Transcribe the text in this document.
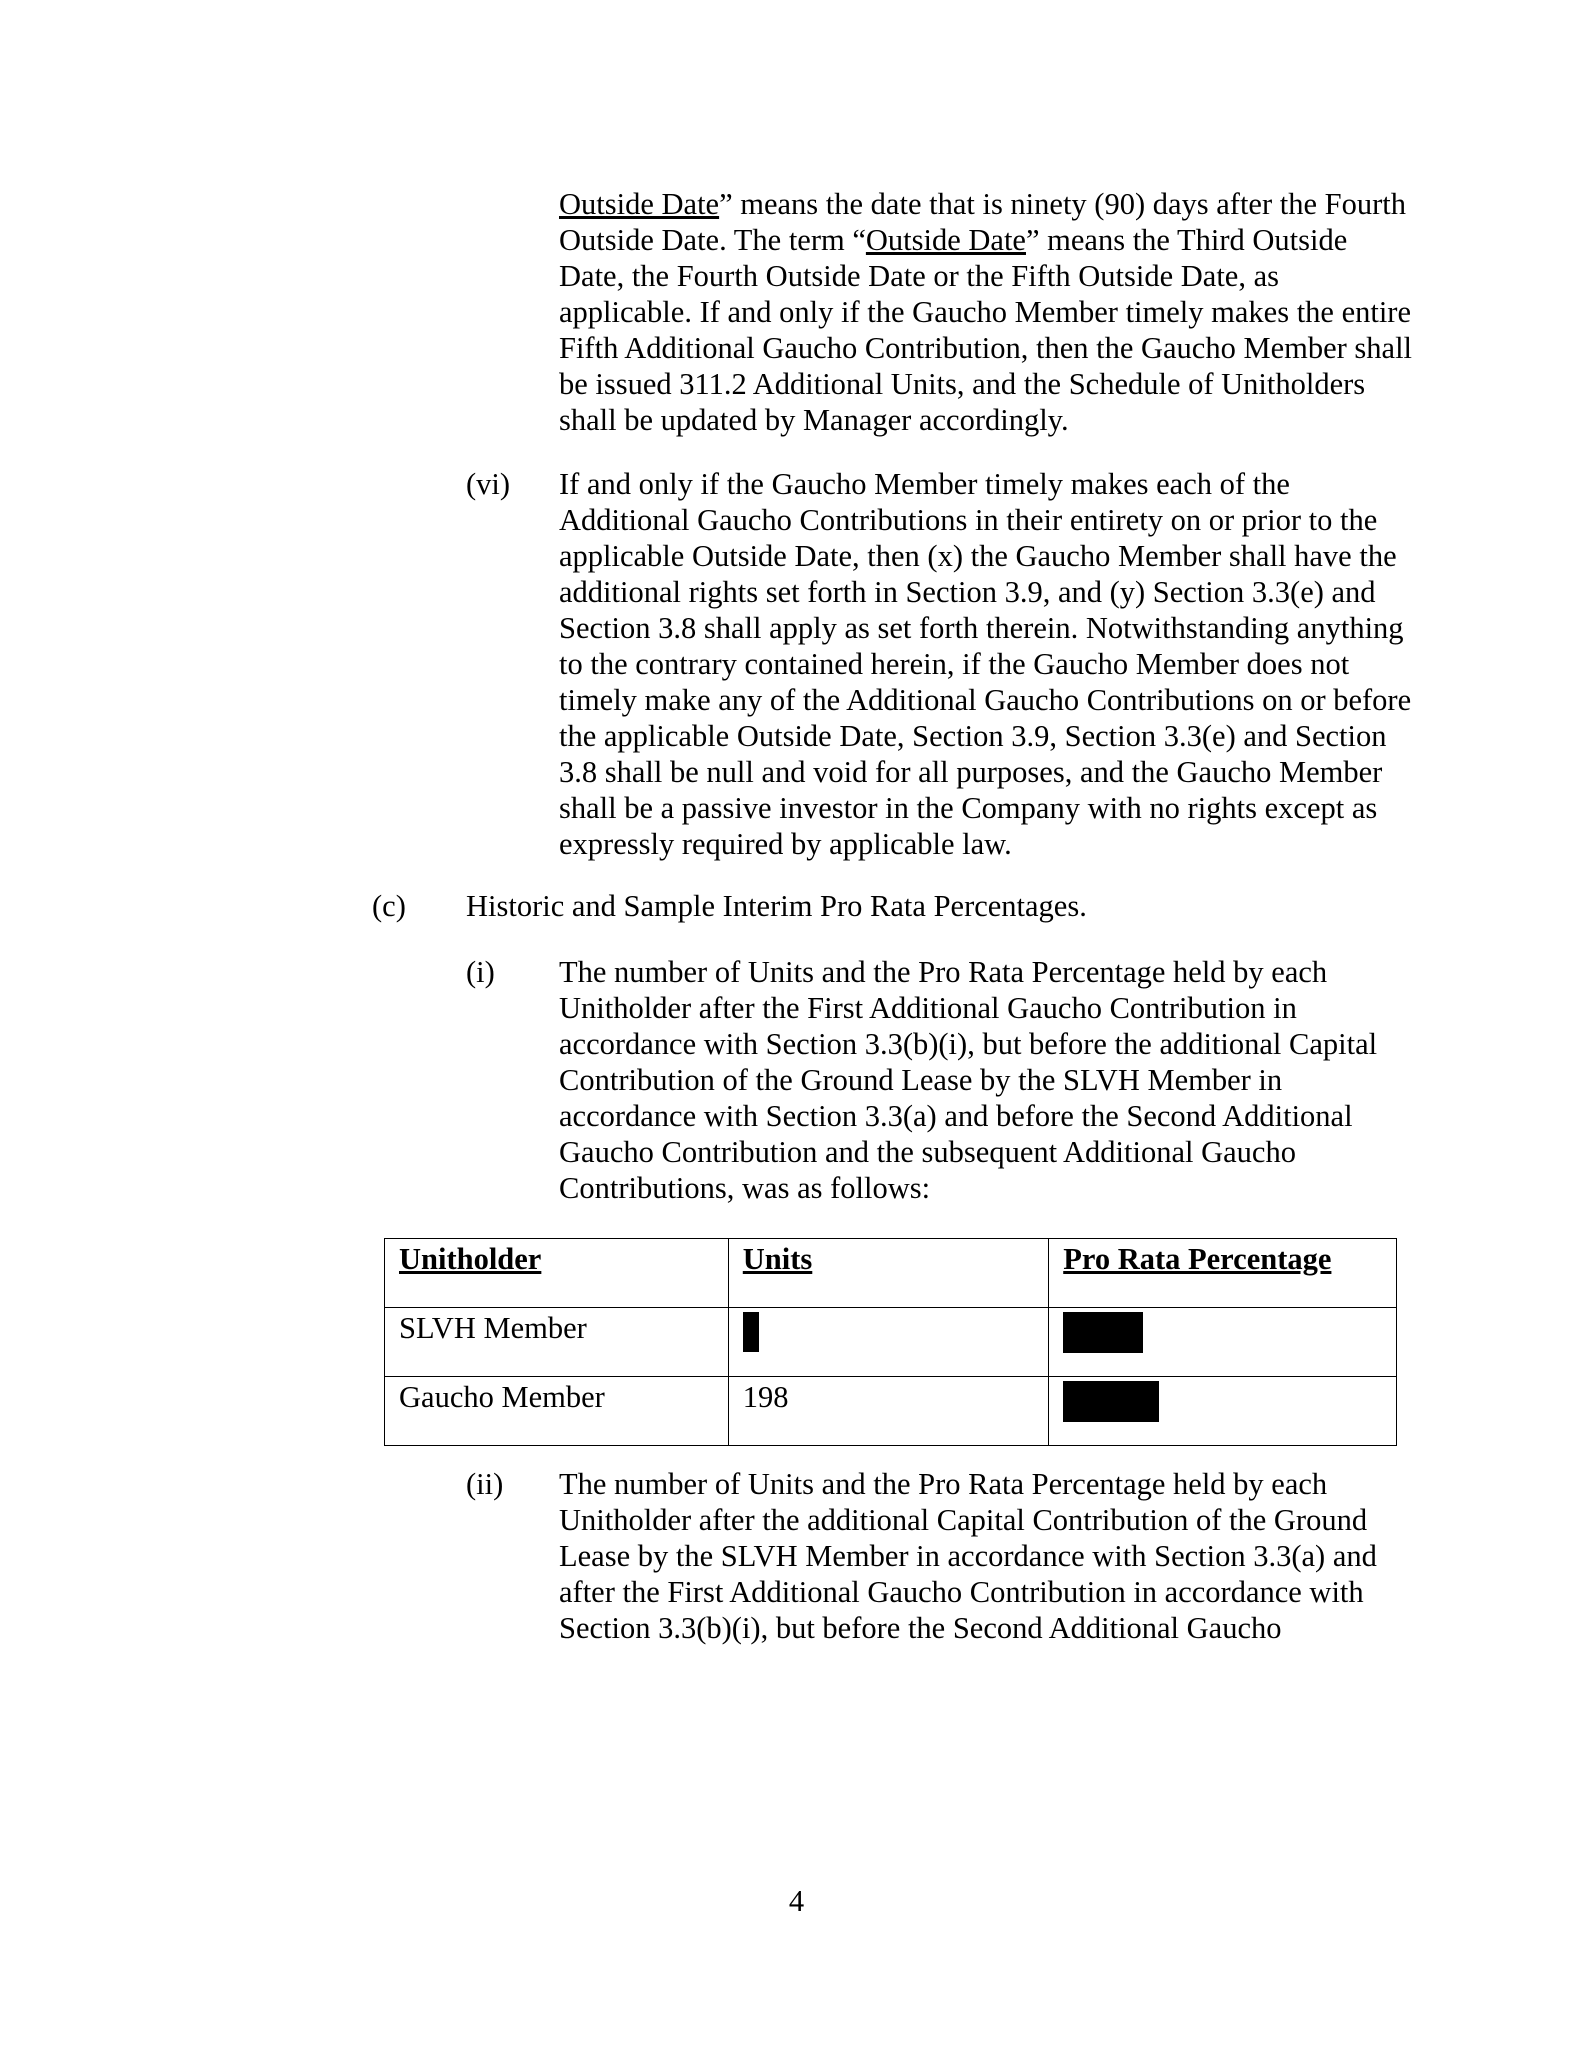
Outside Date” means the date that is ninety (90) days after the Fourth Outside Date. The term “Outside Date” means the Third Outside Date, the Fourth Outside Date or the Fifth Outside Date, as applicable. If and only if the Gaucho Member timely makes the entire Fifth Additional Gaucho Contribution, then the Gaucho Member shall be issued 311.2 Additional Units, and the Schedule of Unitholders shall be updated by Manager accordingly.

(vi) If and only if the Gaucho Member timely makes each of the Additional Gaucho Contributions in their entirety on or prior to the applicable Outside Date, then (x) the Gaucho Member shall have the additional rights set forth in Section 3.9, and (y) Section 3.3(e) and Section 3.8 shall apply as set forth therein. Notwithstanding anything to the contrary contained herein, if the Gaucho Member does not timely make any of the Additional Gaucho Contributions on or before the applicable Outside Date, Section 3.9, Section 3.3(e) and Section 3.8 shall be null and void for all purposes, and the Gaucho Member shall be a passive investor in the Company with no rights except as expressly required by applicable law.

(c) Historic and Sample Interim Pro Rata Percentages.

(i) The number of Units and the Pro Rata Percentage held by each Unitholder after the First Additional Gaucho Contribution in accordance with Section 3.3(b)(i), but before the additional Capital Contribution of the Ground Lease by the SLVH Member in accordance with Section 3.3(a) and before the Second Additional Gaucho Contribution and the subsequent Additional Gaucho Contributions, was as follows:

Unitholder	Units	Pro Rata Percentage
SLVH Member		
Gaucho Member	198	

(ii) The number of Units and the Pro Rata Percentage held by each Unitholder after the additional Capital Contribution of the Ground Lease by the SLVH Member in accordance with Section 3.3(a) and after the First Additional Gaucho Contribution in accordance with Section 3.3(b)(i), but before the Second Additional Gaucho

4
